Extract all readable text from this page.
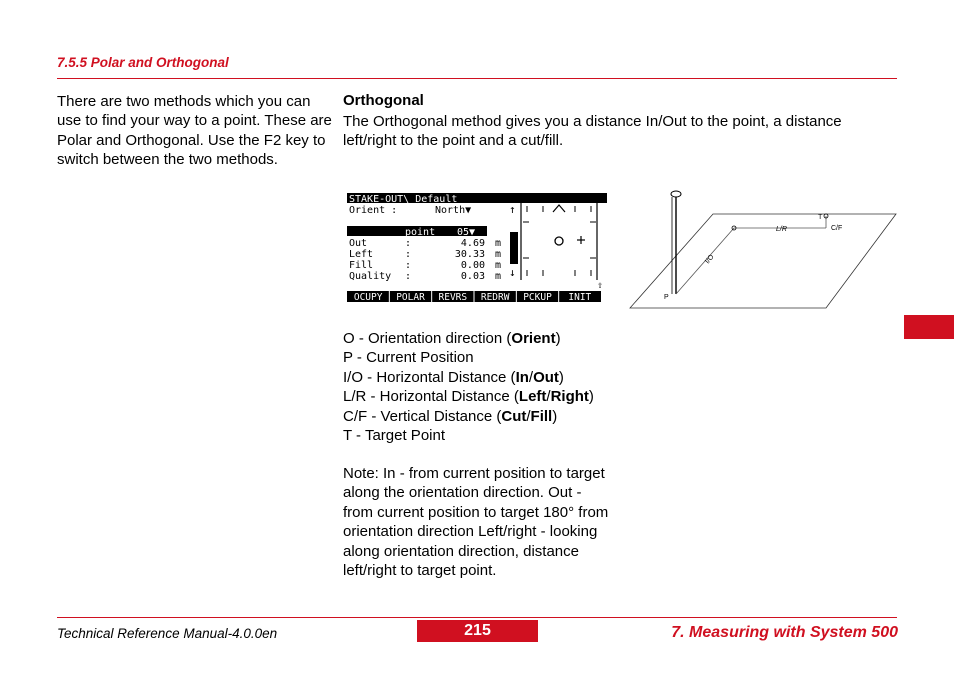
7.5.5 Polar and Orthogonal
There are two methods which you can use to find your way to a point. These are Polar and Orthogonal. Use the F2 key to switch between the two methods.
Orthogonal
The Orthogonal method gives you a distance In/Out to the point, a distance left/right to the point and a cut/fill.
STAKE-OUT\ Default
Orient :	North▼
point 05▼
Out	:	4.69 m
Left	:	30.33 m
Fill	:	0.00 m
Quality :	0.03 m
↑
↓
⇧
OCUPY POLAR REVRS REDRW PCKUP INIT
T
C/F
L/R
I/O
P
O - Orientation direction (Orient)
P - Current Position
I/O - Horizontal Distance (In/Out)
L/R - Horizontal Distance (Left/Right)
C/F - Vertical Distance (Cut/Fill)
T - Target Point
Note: In - from current position to target along the orientation direction. Out - from current position to target 180° from orientation direction Left/right - looking along orientation direction, distance left/right to target point.
Technical Reference Manual-4.0.0en	215	7. Measuring with System 500
